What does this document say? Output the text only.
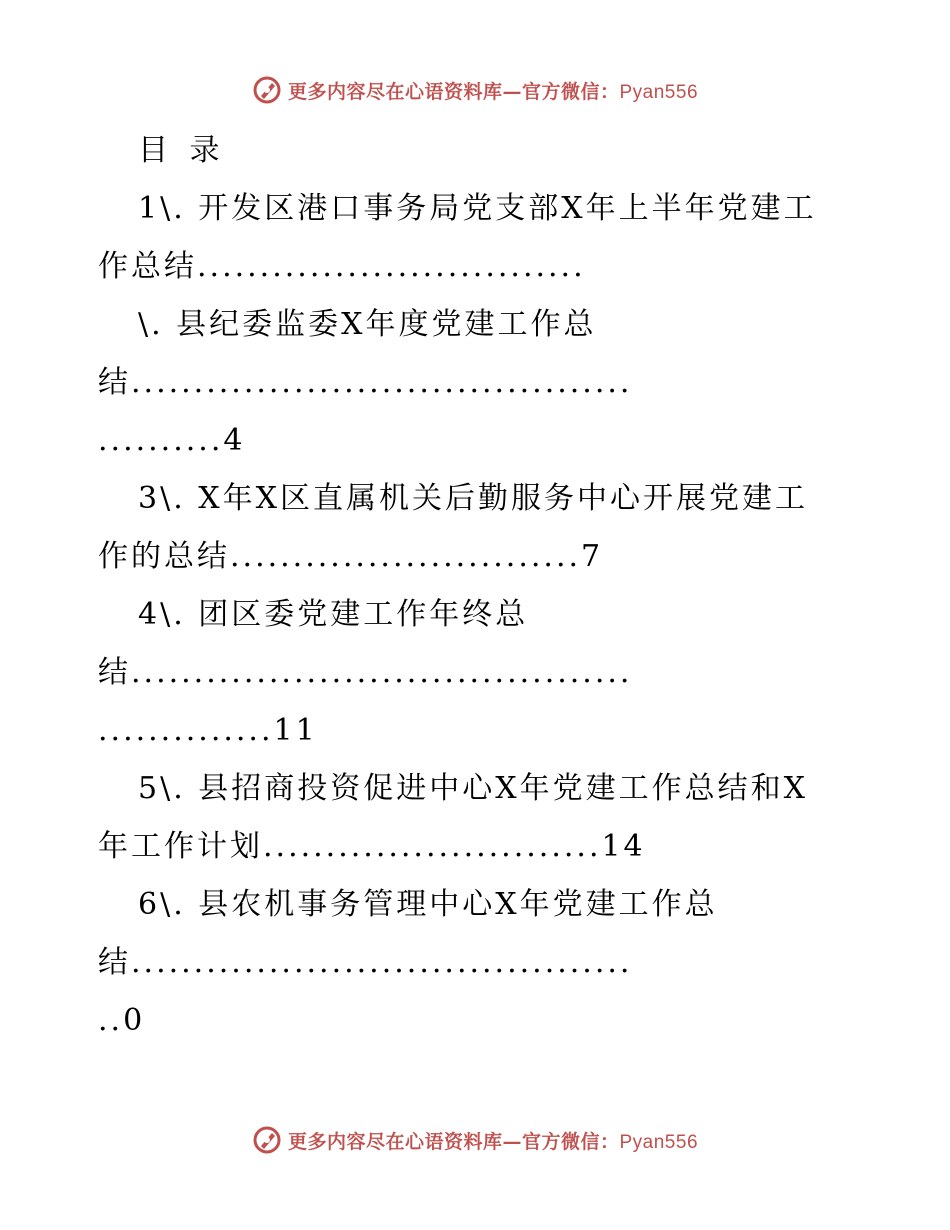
更多内容尽在心语资料库—官方微信：Pyan556
目 录
1\. 开发区港口事务局党支部X年上半年党建工
作总结...............................
\. 县纪委监委X年度党建工作总
结........................................
..........4
3\. X年X区直属机关后勤服务中心开展党建工
作的总结............................7
4\. 团区委党建工作年终总
结........................................
..............11
5\. 县招商投资促进中心X年党建工作总结和X
年工作计划...........................14
6\. 县农机事务管理中心X年党建工作总
结........................................
..0
更多内容尽在心语资料库—官方微信：Pyan556
